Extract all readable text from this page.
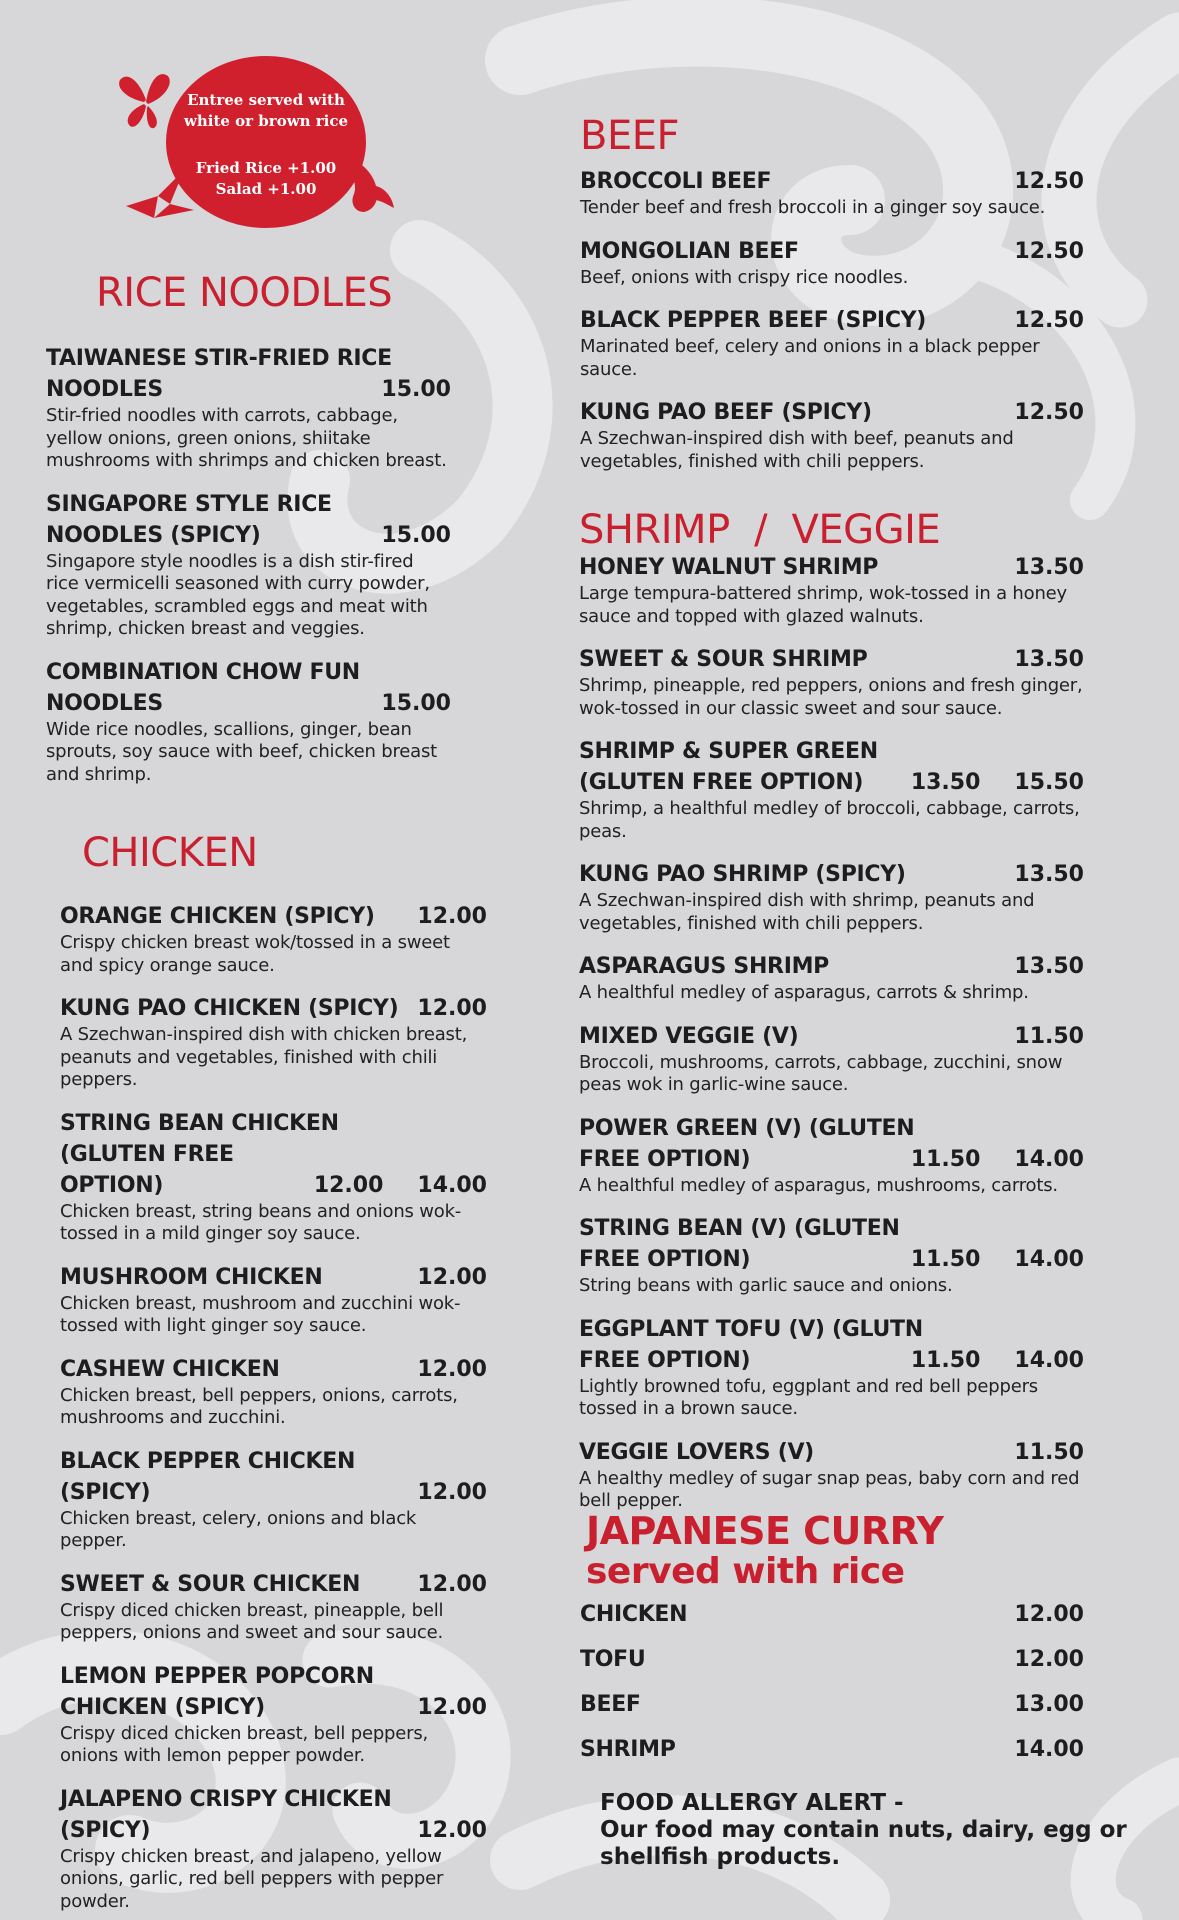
Entree served with
white or brown rice
Fried Rice +1.00
Salad +1.00
RICE NOODLES
TAIWANESE STIR-FRIED RICE
NOODLES	15.00
Stir-fried noodles with carrots, cabbage, yellow onions, green onions, shiitake mushrooms with shrimps and chicken breast.
SINGAPORE STYLE RICE
NOODLES (SPICY)	15.00
Singapore style noodles is a dish stir-fired rice vermicelli seasoned with curry powder, vegetables, scrambled eggs and meat with shrimp, chicken breast and veggies.
COMBINATION CHOW FUN
NOODLES	15.00
Wide rice noodles, scallions, ginger, bean sprouts, soy sauce with beef, chicken breast and shrimp.
CHICKEN
ORANGE CHICKEN (SPICY) 12.00
Crispy chicken breast wok/tossed in a sweet and spicy orange sauce.
KUNG PAO CHICKEN (SPICY) 12.00
A Szechwan-inspired dish with chicken breast, peanuts and vegetables, finished with chili peppers.
STRING BEAN CHICKEN
(GLUTEN FREE OPTION)	12.00 14.00
Chicken breast, string beans and onions wok-tossed in a mild ginger soy sauce.
MUSHROOM CHICKEN	12.00
Chicken breast, mushroom and zucchini wok-tossed with light ginger soy sauce.
CASHEW CHICKEN	12.00
Chicken breast, bell peppers, onions, carrots, mushrooms and zucchini.
BLACK PEPPER CHICKEN (SPICY)	12.00
Chicken breast, celery, onions and black pepper.
SWEET & SOUR CHICKEN	12.00
Crispy diced chicken breast, pineapple, bell peppers, onions and sweet and sour sauce.
LEMON PEPPER POPCORN
CHICKEN (SPICY)	12.00
Crispy diced chicken breast, bell peppers, onions with lemon pepper powder.
JALAPENO CRISPY CHICKEN
(SPICY)	12.00
Crispy chicken breast, and jalapeno, yellow onions, garlic, red bell peppers with pepper powder.
BEEF
BROCCOLI BEEF	12.50
Tender beef and fresh broccoli in a ginger soy sauce.
MONGOLIAN BEEF	12.50
Beef, onions with crispy rice noodles.
BLACK PEPPER BEEF (SPICY)	12.50
Marinated beef, celery and onions in a black pepper sauce.
KUNG PAO BEEF (SPICY)	12.50
A Szechwan-inspired dish with beef, peanuts and vegetables, finished with chili peppers.
SHRIMP  /  VEGGIE
HONEY WALNUT SHRIMP	13.50
Large tempura-battered shrimp, wok-tossed in a honey sauce and topped with glazed walnuts.
SWEET & SOUR SHRIMP	13.50
Shrimp, pineapple, red peppers, onions and fresh ginger, wok-tossed in our classic sweet and sour sauce.
SHRIMP & SUPER GREEN
(GLUTEN FREE OPTION) 13.50 15.50
Shrimp, a healthful medley of broccoli, cabbage, carrots, peas.
KUNG PAO SHRIMP (SPICY)	13.50
A Szechwan-inspired dish with shrimp, peanuts and vegetables, finished with chili peppers.
ASPARAGUS SHRIMP	13.50
A healthful medley of asparagus, carrots & shrimp.
MIXED VEGGIE (V)	11.50
Broccoli, mushrooms, carrots, cabbage, zucchini, snow peas wok in garlic-wine sauce.
POWER GREEN (V) (GLUTEN
FREE OPTION)	11.50 14.00
A healthful medley of asparagus, mushrooms, carrots.
STRING BEAN (V) (GLUTEN
FREE OPTION)	11.50 14.00
String beans with garlic sauce and onions.
EGGPLANT TOFU (V) (GLUTN
FREE OPTION)	11.50 14.00
Lightly browned tofu, eggplant and red bell peppers tossed in a brown sauce.
VEGGIE LOVERS (V)	11.50
A healthy medley of sugar snap peas, baby corn and red bell pepper.
JAPANESE CURRY
served with rice
CHICKEN	12.00
TOFU	12.00
BEEF	13.00
SHRIMP	14.00
FOOD ALLERGY ALERT -
Our food may contain nuts, dairy, egg or
shellfish products.
